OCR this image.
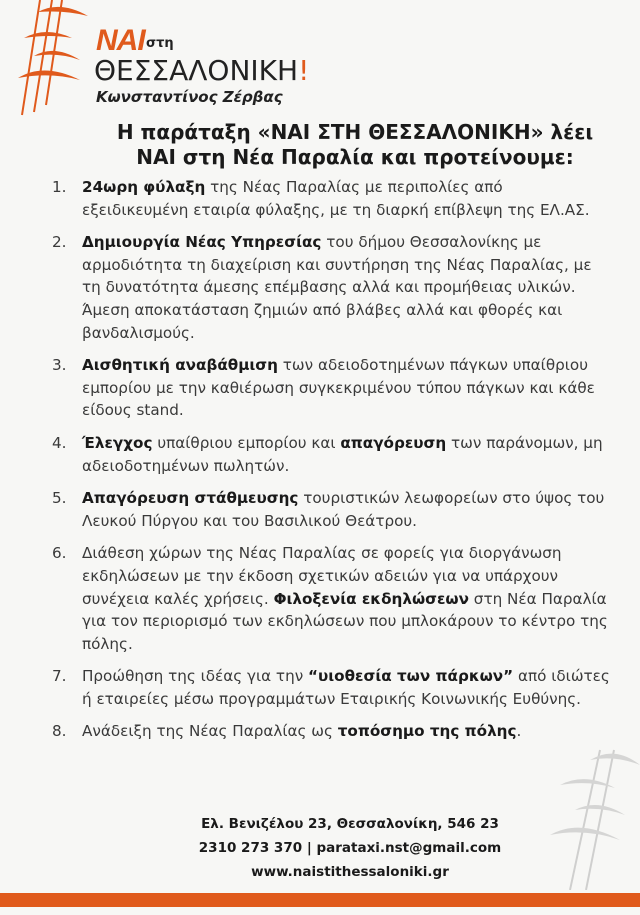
NAI στη
ΘΕΣΣΑΛΟΝΙΚΗ!
Κωνσταντίνος Ζέρβας
Η παράταξη «ΝΑΙ ΣΤΗ ΘΕΣΣΑΛΟΝΙΚΗ» λέει
ΝΑΙ στη Νέα Παραλία και προτείνουμε:
1.	24ωρη φύλαξη της Νέας Παραλίας με περιπολίες από εξειδικευμένη εταιρία φύλαξης, με τη διαρκή επίβλεψη της ΕΛ.ΑΣ.
2.	Δημιουργία Νέας Υπηρεσίας του δήμου Θεσσαλονίκης με αρμοδιότητα τη διαχείριση και συντήρηση της Νέας Παραλίας, με τη δυνατότητα άμεσης επέμβασης αλλά και προμήθειας υλικών. Άμεση αποκατάσταση ζημιών από βλάβες αλλά και φθορές και βανδαλισμούς.
3.	Αισθητική αναβάθμιση των αδειοδοτημένων πάγκων υπαίθριου εμπορίου με την καθιέρωση συγκεκριμένου τύπου πάγκων και κάθε είδους stand.
4.	Έλεγχος υπαίθριου εμπορίου και απαγόρευση των παράνομων, μη αδειοδοτημένων πωλητών.
5.	Απαγόρευση στάθμευσης τουριστικών λεωφορείων στο ύψος του Λευκού Πύργου και του Βασιλικού Θεάτρου.
6.	Διάθεση χώρων της Νέας Παραλίας σε φορείς για διοργάνωση εκδηλώσεων με την έκδοση σχετικών αδειών για να υπάρχουν συνέχεια καλές χρήσεις. Φιλοξενία εκδηλώσεων στη Νέα Παραλία για τον περιορισμό των εκδηλώσεων που μπλοκάρουν το κέντρο της πόλης.
7.	Προώθηση της ιδέας για την “υιοθεσία των πάρκων” από ιδιώτες ή εταιρείες μέσω προγραμμάτων Εταιρικής Κοινωνικής Ευθύνης.
8.	Ανάδειξη της Νέας Παραλίας ως τοπόσημο της πόλης.
Ελ. Βενιζέλου 23, Θεσσαλονίκη, 546 23
2310 273 370 | parataxi.nst@gmail.com
www.naistithessaloniki.gr
